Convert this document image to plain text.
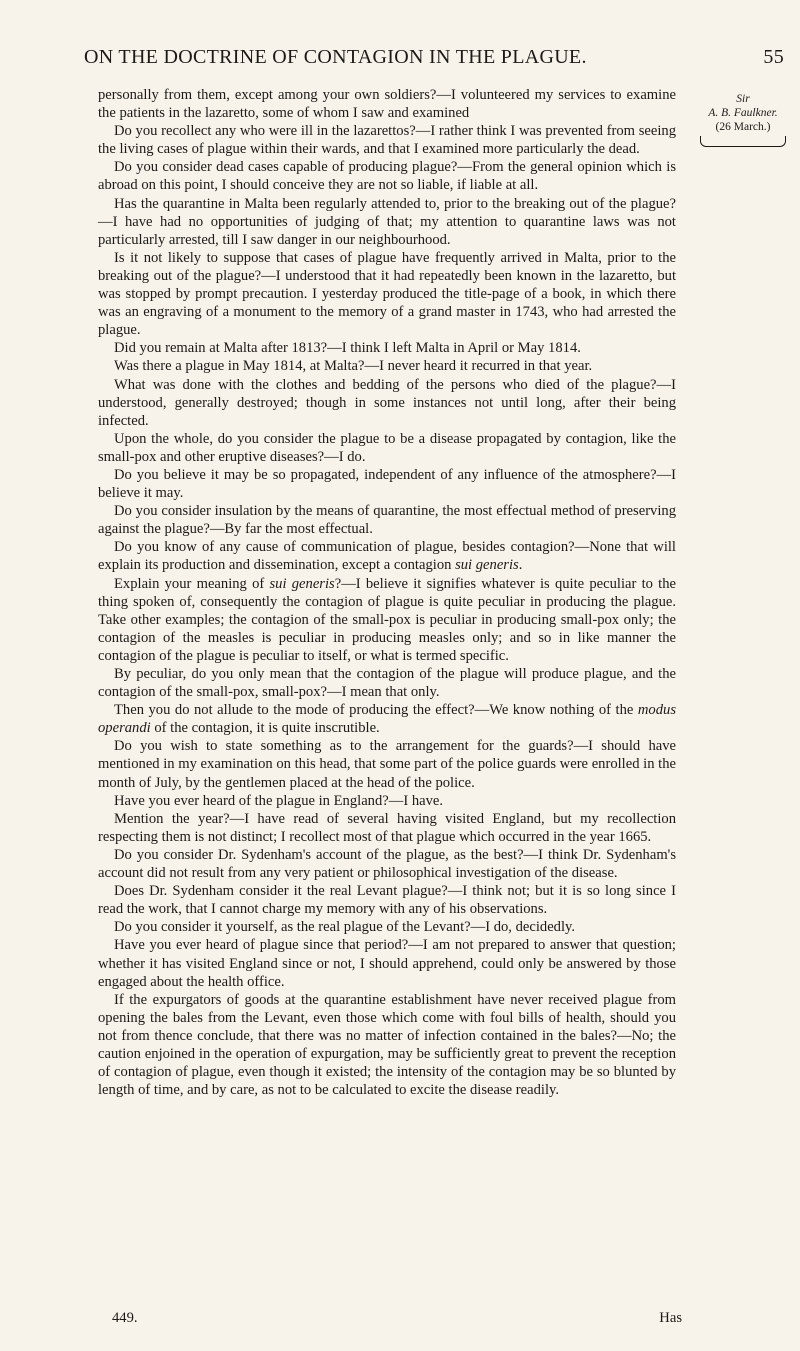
ON THE DOCTRINE OF CONTAGION IN THE PLAGUE.	55
Sir
A. B. Faulkner.
(26 March.)

personally from them, except among your own soldiers?—I volunteered my services to examine the patients in the lazaretto, some of whom I saw and examined

Do you recollect any who were ill in the lazarettos?—I rather think I was prevented from seeing the living cases of plague within their wards, and that I examined more particularly the dead.

Do you consider dead cases capable of producing plague?—From the general opinion which is abroad on this point, I should conceive they are not so liable, if liable at all.

Has the quarantine in Malta been regularly attended to, prior to the breaking out of the plague?—I have had no opportunities of judging of that; my attention to quarantine laws was not particularly arrested, till I saw danger in our neighbourhood.

Is it not likely to suppose that cases of plague have frequently arrived in Malta, prior to the breaking out of the plague?—I understood that it had repeatedly been known in the lazaretto, but was stopped by prompt precaution. I yesterday produced the title-page of a book, in which there was an engraving of a monument to the memory of a grand master in 1743, who had arrested the plague.

Did you remain at Malta after 1813?—I think I left Malta in April or May 1814.

Was there a plague in May 1814, at Malta?—I never heard it recurred in that year.

What was done with the clothes and bedding of the persons who died of the plague?—I understood, generally destroyed; though in some instances not until long, after their being infected.

Upon the whole, do you consider the plague to be a disease propagated by contagion, like the small-pox and other eruptive diseases?—I do.

Do you believe it may be so propagated, independent of any influence of the atmosphere?—I believe it may.

Do you consider insulation by the means of quarantine, the most effectual method of preserving against the plague?—By far the most effectual.

Do you know of any cause of communication of plague, besides contagion?—None that will explain its production and dissemination, except a contagion sui generis.

Explain your meaning of sui generis?—I believe it signifies whatever is quite peculiar to the thing spoken of, consequently the contagion of plague is quite peculiar in producing the plague. Take other examples; the contagion of the small-pox is peculiar in producing small-pox only; the contagion of the measles is peculiar in producing measles only; and so in like manner the contagion of the plague is peculiar to itself, or what is termed specific.

By peculiar, do you only mean that the contagion of the plague will produce plague, and the contagion of the small-pox, small-pox?—I mean that only.

Then you do not allude to the mode of producing the effect?—We know nothing of the modus operandi of the contagion, it is quite inscrutible.

Do you wish to state something as to the arrangement for the guards?—I should have mentioned in my examination on this head, that some part of the police guards were enrolled in the month of July, by the gentlemen placed at the head of the police.

Have you ever heard of the plague in England?—I have.

Mention the year?—I have read of several having visited England, but my recollection respecting them is not distinct; I recollect most of that plague which occurred in the year 1665.

Do you consider Dr. Sydenham's account of the plague, as the best?—I think Dr. Sydenham's account did not result from any very patient or philosophical investigation of the disease.

Does Dr. Sydenham consider it the real Levant plague?—I think not; but it is so long since I read the work, that I cannot charge my memory with any of his observations.

Do you consider it yourself, as the real plague of the Levant?—I do, decidedly.

Have you ever heard of plague since that period?—I am not prepared to answer that question; whether it has visited England since or not, I should apprehend, could only be answered by those engaged about the health office.

If the expurgators of goods at the quarantine establishment have never received plague from opening the bales from the Levant, even those which come with foul bills of health, should you not from thence conclude, that there was no matter of infection contained in the bales?—No; the caution enjoined in the operation of expurgation, may be sufficiently great to prevent the reception of contagion of plague, even though it existed; the intensity of the contagion may be so blunted by length of time, and by care, as not to be calculated to excite the disease readily.

449.	Has
